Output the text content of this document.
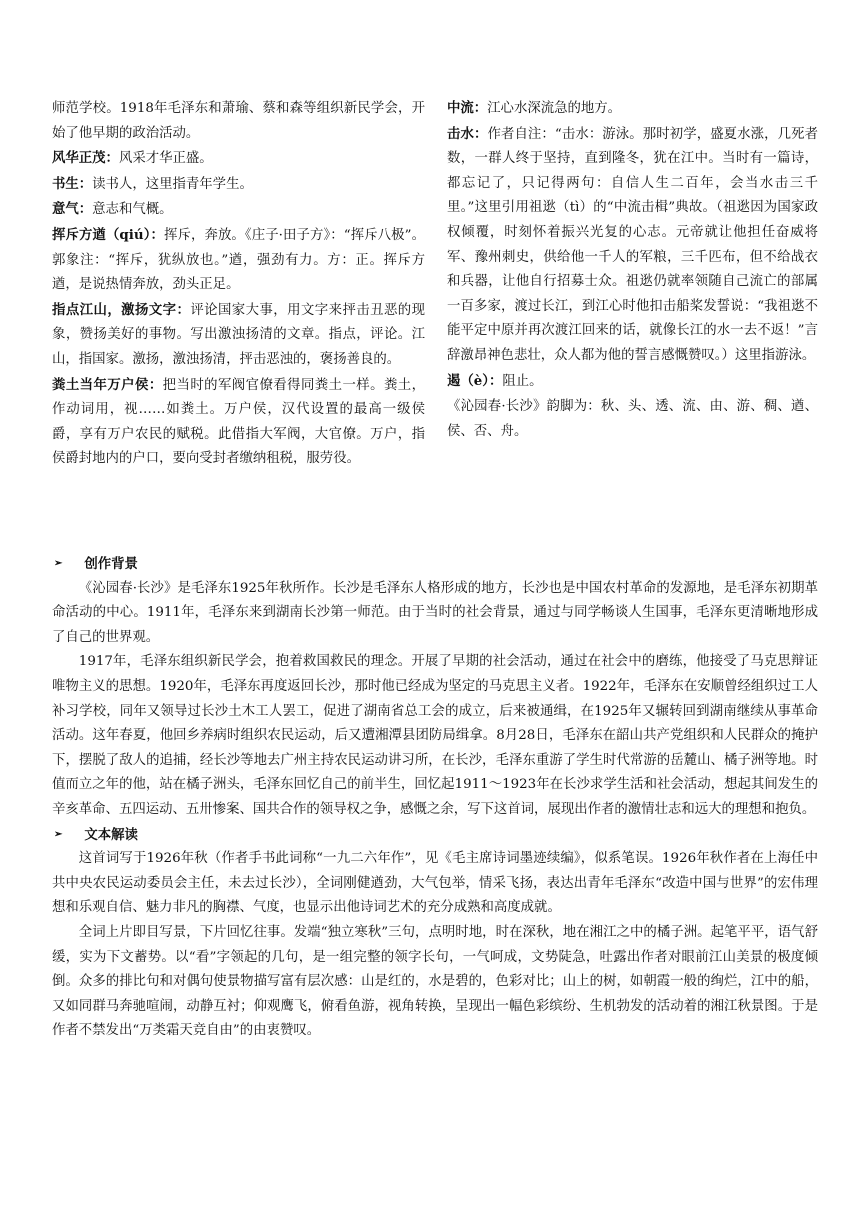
师范学校。1918年毛泽东和萧瑜、蔡和森等组织新民学会，开始了他早期的政治活动。

风华正茂：风采才华正盛。

书生：读书人，这里指青年学生。

意气：意志和气概。

挥斥方遒（qiú）：挥斥，奔放。《庄子·田子方》：“挥斥八极”。郭象注：“挥斥，犹纵放也。”遒，强劲有力。方：正。挥斥方遒，是说热情奔放，劲头正足。

指点江山，激扬文字：评论国家大事，用文字来抨击丑恶的现象，赞扬美好的事物。写出激浊扬清的文章。指点，评论。江山，指国家。激扬，激浊扬清，抨击恶浊的，褒扬善良的。

粪土当年万户侯：把当时的军阀官僚看得同粪土一样。粪土，作动词用，视……如粪土。万户侯，汉代设置的最高一级侯爵，享有万户农民的赋税。此借指大军阀，大官僚。万户，指侯爵封地内的户口，要向受封者缴纳租税，服劳役。

中流：江心水深流急的地方。

击水：作者自注：“击水：游泳。那时初学，盛夏水涨，几死者数，一群人终于坚持，直到隆冬，犹在江中。当时有一篇诗，都忘记了，只记得两句：自信人生二百年，会当水击三千里。”这里引用祖逖（tì）的“中流击楫”典故。（祖逖因为国家政权倾覆，时刻怀着振兴光复的心志。元帝就让他担任奋威将军、豫州刺史，供给他一千人的军粮，三千匹布，但不给战衣和兵器，让他自行招募士众。祖逖仍就率领随自己流亡的部属一百多家，渡过长江，到江心时他扣击船桨发誓说：“我祖逖不能平定中原并再次渡江回来的话，就像长江的水一去不返！”言辞激昂神色悲壮，众人都为他的誓言感慨赞叹。）这里指游泳。

遏（è）：阻止。

《沁园春·长沙》韵脚为：秋、头、透、流、由、游、稠、遒、侯、否、舟。

➢ 创作背景

《沁园春·长沙》是毛泽东1925年秋所作。长沙是毛泽东人格形成的地方，长沙也是中国农村革命的发源地，是毛泽东初期革命活动的中心。1911年，毛泽东来到湖南长沙第一师范。由于当时的社会背景，通过与同学畅谈人生国事，毛泽东更清晰地形成了自己的世界观。

1917年，毛泽东组织新民学会，抱着救国救民的理念。开展了早期的社会活动，通过在社会中的磨练，他接受了马克思辩证唯物主义的思想。1920年，毛泽东再度返回长沙，那时他已经成为坚定的马克思主义者。1922年，毛泽东在安顺曾经组织过工人补习学校，同年又领导过长沙土木工人罢工，促进了湖南省总工会的成立，后来被通缉，在1925年又辗转回到湖南继续从事革命活动。这年春夏，他回乡养病时组织农民运动，后又遭湘潭县团防局缉拿。8月28日，毛泽东在韶山共产党组织和人民群众的掩护下，摆脱了敌人的追捕，经长沙等地去广州主持农民运动讲习所，在长沙，毛泽东重游了学生时代常游的岳麓山、橘子洲等地。时值而立之年的他，站在橘子洲头，毛泽东回忆自己的前半生，回忆起1911～1923年在长沙求学生活和社会活动，想起其间发生的辛亥革命、五四运动、五卅惨案、国共合作的领导权之争，感慨之余，写下这首词，展现出作者的激情壮志和远大的理想和抱负。

➢ 文本解读

这首词写于1926年秋（作者手书此词称“一九二六年作”，见《毛主席诗词墨迹续编》，似系笔误。1926年秋作者在上海任中共中央农民运动委员会主任，未去过长沙），全词刚健遒劲，大气包举，情采飞扬，表达出青年毛泽东“改造中国与世界”的宏伟理想和乐观自信、魅力非凡的胸襟、气度，也显示出他诗词艺术的充分成熟和高度成就。

全词上片即目写景，下片回忆往事。发端“独立寒秋”三句，点明时地，时在深秋，地在湘江之中的橘子洲。起笔平平，语气舒缓，实为下文蓄势。以“看”字领起的几句，是一组完整的领字长句，一气呵成，文势陡急，吐露出作者对眼前江山美景的极度倾倒。众多的排比句和对偶句使景物描写富有层次感：山是红的，水是碧的，色彩对比；山上的树，如朝霞一般的绚烂，江中的船，又如同群马奔驰喧闹，动静互衬；仰观鹰飞，俯看鱼游，视角转换，呈现出一幅色彩缤纷、生机勃发的活动着的湘江秋景图。于是作者不禁发出“万类霜天竞自由”的由衷赞叹。
